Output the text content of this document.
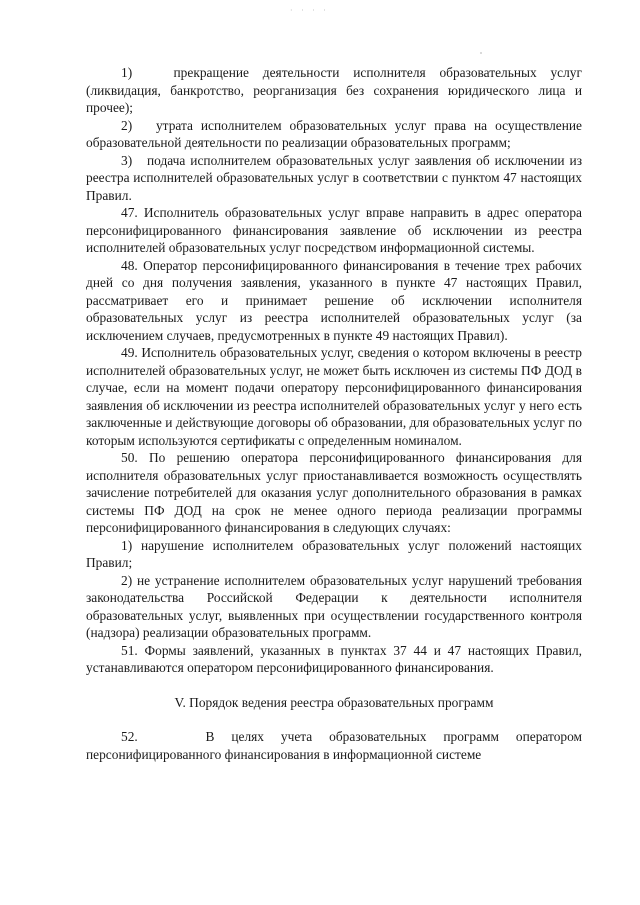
· · · ·

1)   прекращение деятельности исполнителя образовательных услуг (ликвидация, банкротство, реорганизация без сохранения юридического лица и прочее);

2)   утрата исполнителем образовательных услуг права на осуществление образовательной деятельности по реализации образовательных программ;

3)   подача исполнителем образовательных услуг заявления об исключении из реестра исполнителей образовательных услуг в соответствии с пунктом 47 настоящих Правил.

47. Исполнитель образовательных услуг вправе направить в адрес оператора персонифицированного финансирования заявление об исключении из реестра исполнителей образовательных услуг посредством информационной системы.

48. Оператор персонифицированного финансирования в течение трех рабочих дней со дня получения заявления, указанного в пункте 47 настоящих Правил, рассматривает его и принимает решение об исключении исполнителя образовательных услуг из реестра исполнителей образовательных услуг (за исключением случаев, предусмотренных в пункте 49 настоящих Правил).

49. Исполнитель образовательных услуг, сведения о котором включены в реестр исполнителей образовательных услуг, не может быть исключен из системы ПФ ДОД в случае, если на момент подачи оператору персонифицированного финансирования заявления об исключении из реестра исполнителей образовательных услуг у него есть заключенные и действующие договоры об образовании, для образовательных услуг по которым используются сертификаты с определенным номиналом.

50. По решению оператора персонифицированного финансирования для исполнителя образовательных услуг приостанавливается возможность осуществлять зачисление потребителей для оказания услуг дополнительного образования в рамках системы ПФ ДОД на срок не менее одного периода реализации программы персонифицированного финансирования в следующих случаях:

1) нарушение исполнителем образовательных услуг положений настоящих Правил;

2) не устранение исполнителем образовательных услуг нарушений требования законодательства Российской Федерации к деятельности исполнителя образовательных услуг, выявленных при осуществлении государственного контроля (надзора) реализации образовательных программ.

51. Формы заявлений, указанных в пунктах 37 44 и 47 настоящих Правил, устанавливаются оператором персонифицированного финансирования.

V. Порядок ведения реестра образовательных программ

52.    В целях учета образовательных программ оператором персонифицированного финансирования в информационной системе
